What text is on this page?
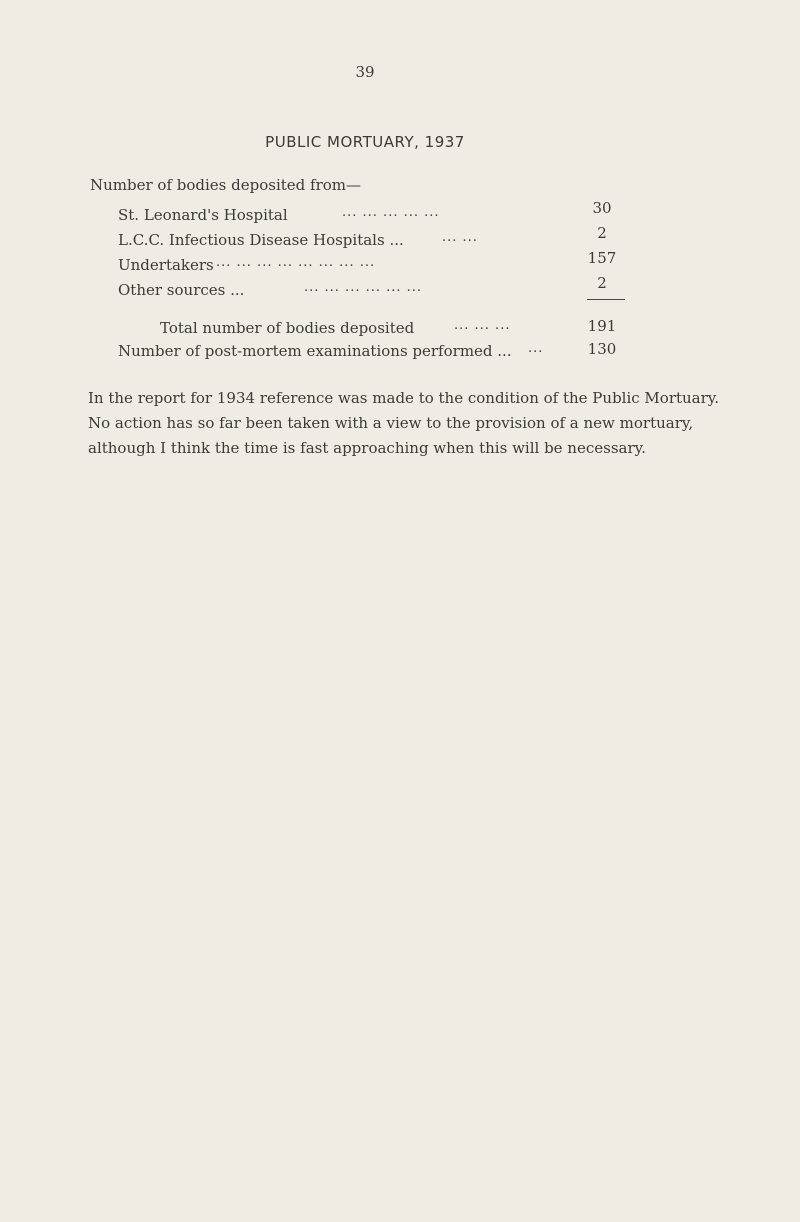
39
PUBLIC MORTUARY, 1937
Number of bodies deposited from—
St. Leonard's Hospital	... ... ... ... ...	30
L.C.C. Infectious Disease Hospitals ...	... ...	2
Undertakers ... ... ... ... ... ... ... ...	157
Other sources ...	... ... ... ... ... ...	2
Total number of bodies deposited	... ... ...	191
Number of post-mortem examinations performed ... ...	130

In the report for 1934 reference was made to the condition of the Public Mortuary.

No action has so far been taken with a view to the provision of a new mortuary,

although I think the time is fast approaching when this will be necessary.
